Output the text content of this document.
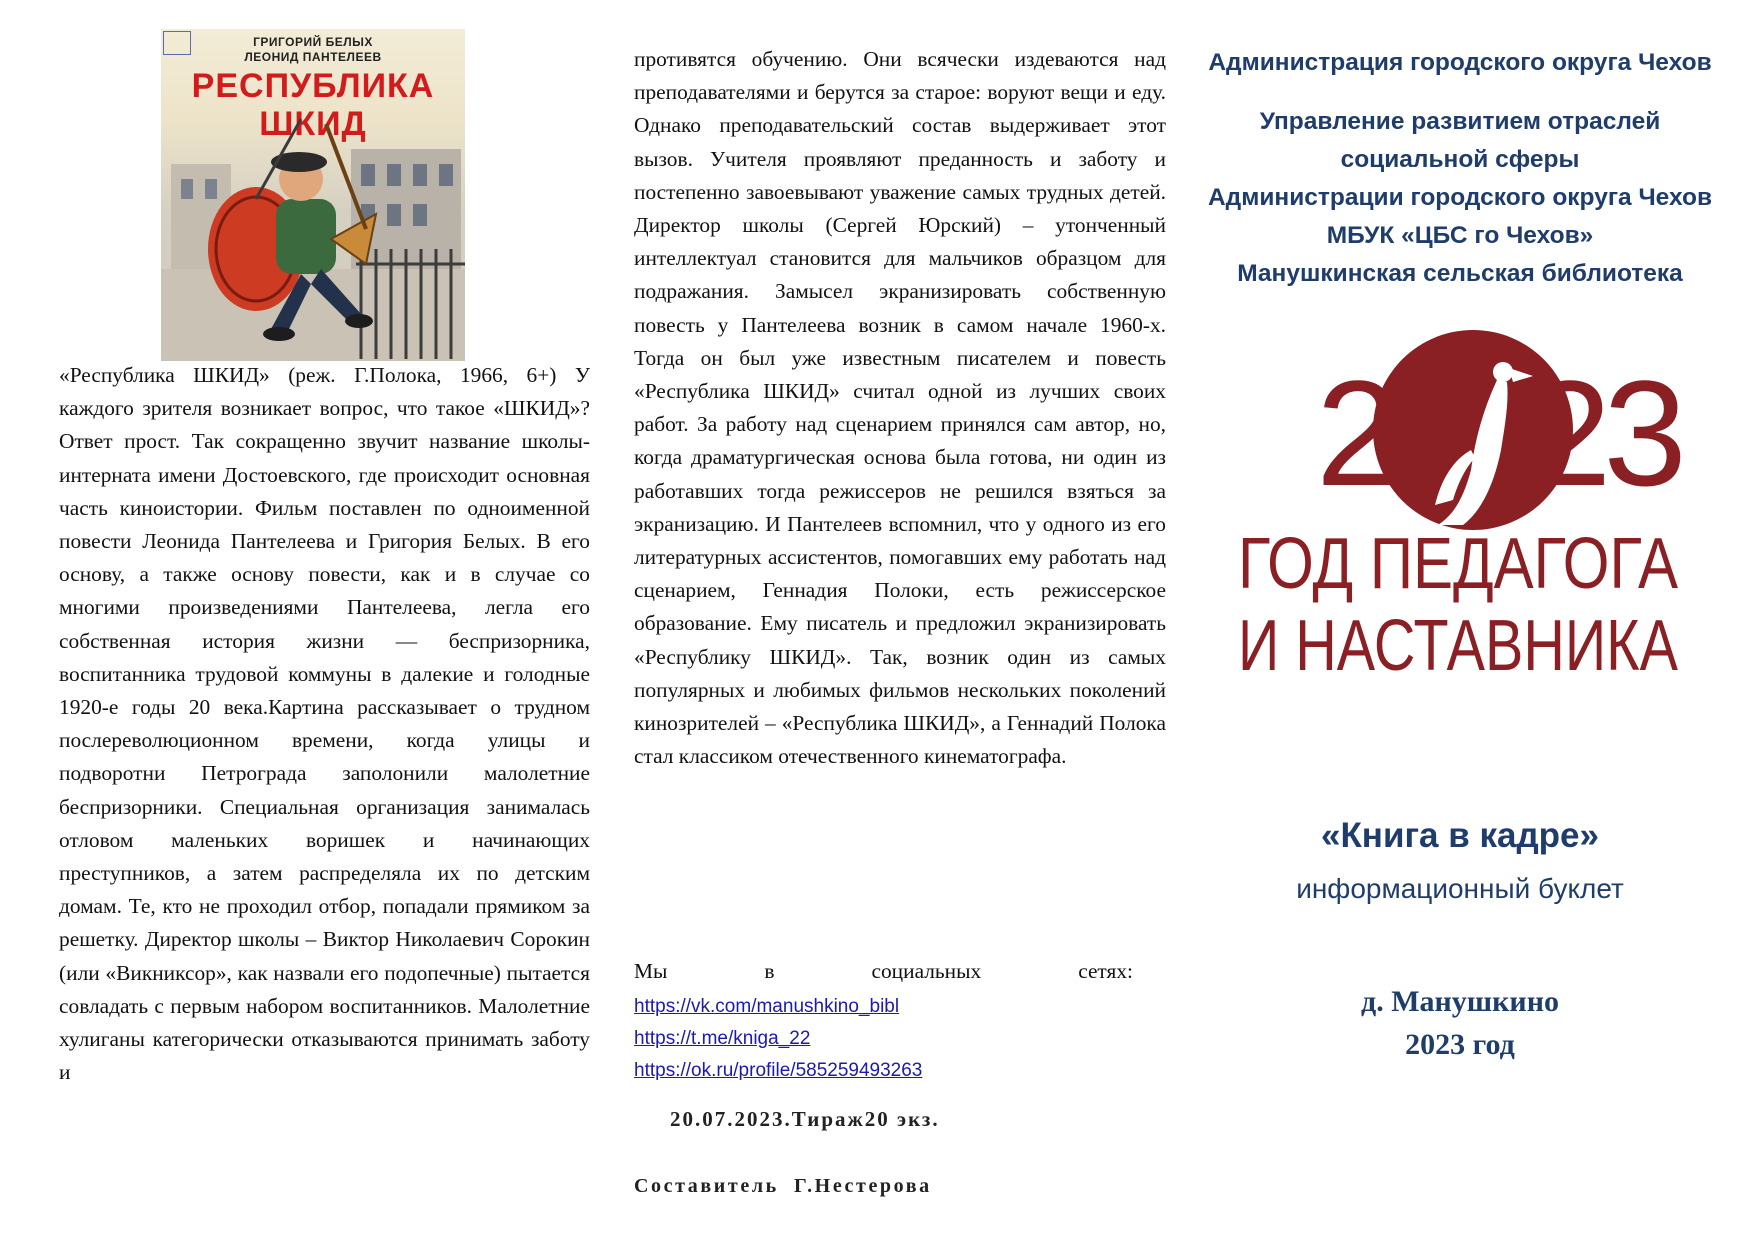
ГРИГОРИЙ БЕЛЫХ
ЛЕОНИД ПАНТЕЛЕЕВ
РЕСПУБЛИКА
ШКИД

«Республика ШКИД» (реж. Г.Полока, 1966, 6+) У каждого зрителя возникает вопрос, что такое «ШКИД»? Ответ прост. Так сокращенно звучит название школы-интерната имени Достоевского, где происходит основная часть киноистории. Фильм поставлен по одноименной повести Леонида Пантелеева и Григория Белых. В его основу, а также основу повести, как и в случае со многими произведениями Пантелеева, легла его собственная история жизни — беспризорника, воспитанника трудовой коммуны в далекие и голодные 1920-е годы 20 века.Картина рассказывает о трудном послереволюционном времени, когда улицы и подворотни Петрограда заполонили малолетние беспризорники. Специальная организация занималась отловом маленьких воришек и начинающих преступников, а затем распределяла их по детским домам. Те, кто не проходил отбор, попадали прямиком за решетку. Директор школы – Виктор Николаевич Сорокин (или «Викниксор», как назвали его подопечные) пытается совладать с первым набором воспитанников. Малолетние хулиганы категорически отказываются принимать заботу и

противятся обучению. Они всячески издеваются над преподавателями и берутся за старое: воруют вещи и еду. Однако преподавательский состав выдерживает этот вызов. Учителя проявляют преданность и заботу и постепенно завоевывают уважение самых трудных детей. Директор школы (Сергей Юрский) – утонченный интеллектуал становится для мальчиков образцом для подражания. Замысел экранизировать собственную повесть у Пантелеева возник в самом начале 1960-х. Тогда он был уже известным писателем и повесть «Республика ШКИД» считал одной из лучших своих работ. За работу над сценарием принялся сам автор, но, когда драматургическая основа была готова, ни один из работавших тогда режиссеров не решился взяться за экранизацию. И Пантелеев вспомнил, что у одного из его литературных ассистентов, помогавших ему работать над сценарием, Геннадия Полоки, есть режиссерское образование. Ему писатель и предложил экранизировать «Республику ШКИД». Так, возник один из самых популярных и любимых фильмов нескольких поколений кинозрителей – «Республика ШКИД», а Геннадий Полока стал классиком отечественного кинематографа.

Мы	в	социальных	сетях:
https://vk.com/manushkino_bibl
https://t.me/kniga_22
https://ok.ru/profile/585259493263
20.07.2023.Тираж20 экз.
Составитель  Г.Нестерова
Администрация городского округа Чехов
Управление развитием отраслей
социальной сферы
Администрации городского округа Чехов
МБУК «ЦБС го Чехов»
Манушкинская сельская библиотека
2 23
ГОД ПЕДАГОГА
И НАСТАВНИКА
«Книга в кадре»
информационный буклет
д. Манушкино
2023 год
